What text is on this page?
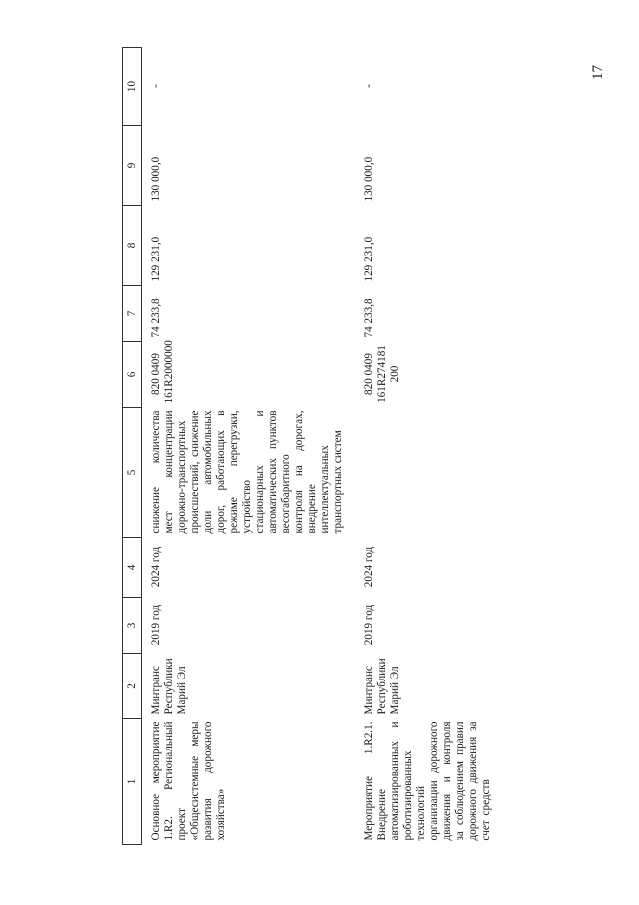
17
1	2	3	4	5	6	7	8	9	10
Основное мероприятие 1.R2. Региональный проект «Общесистемные меры развития дорожного хозяйства»	Минтранс Республики Марий Эл	2019 год	2024 год	снижение количества мест концентрации дорожно-транспортных происшествий, снижение доли автомобильных дорог, работающих в режиме перегрузки, устройство стационарных и автоматических пунктов весогабаритного контроля на дорогах, внедрение интеллектуальных транспортных систем	820 0409 161R2000000	74 233,8	129 231,0	130 000,0	-
Мероприятие 1.R2.1. Внедрение автоматизированных и роботизированных технологий организации дорожного движения и контроля за соблюдением правил дорожного движения за счет средств	Минтранс Республики Марий Эл	2019 год	2024 год		820 0409 161R274181 200	74 233,8	129 231,0	130 000,0	-
